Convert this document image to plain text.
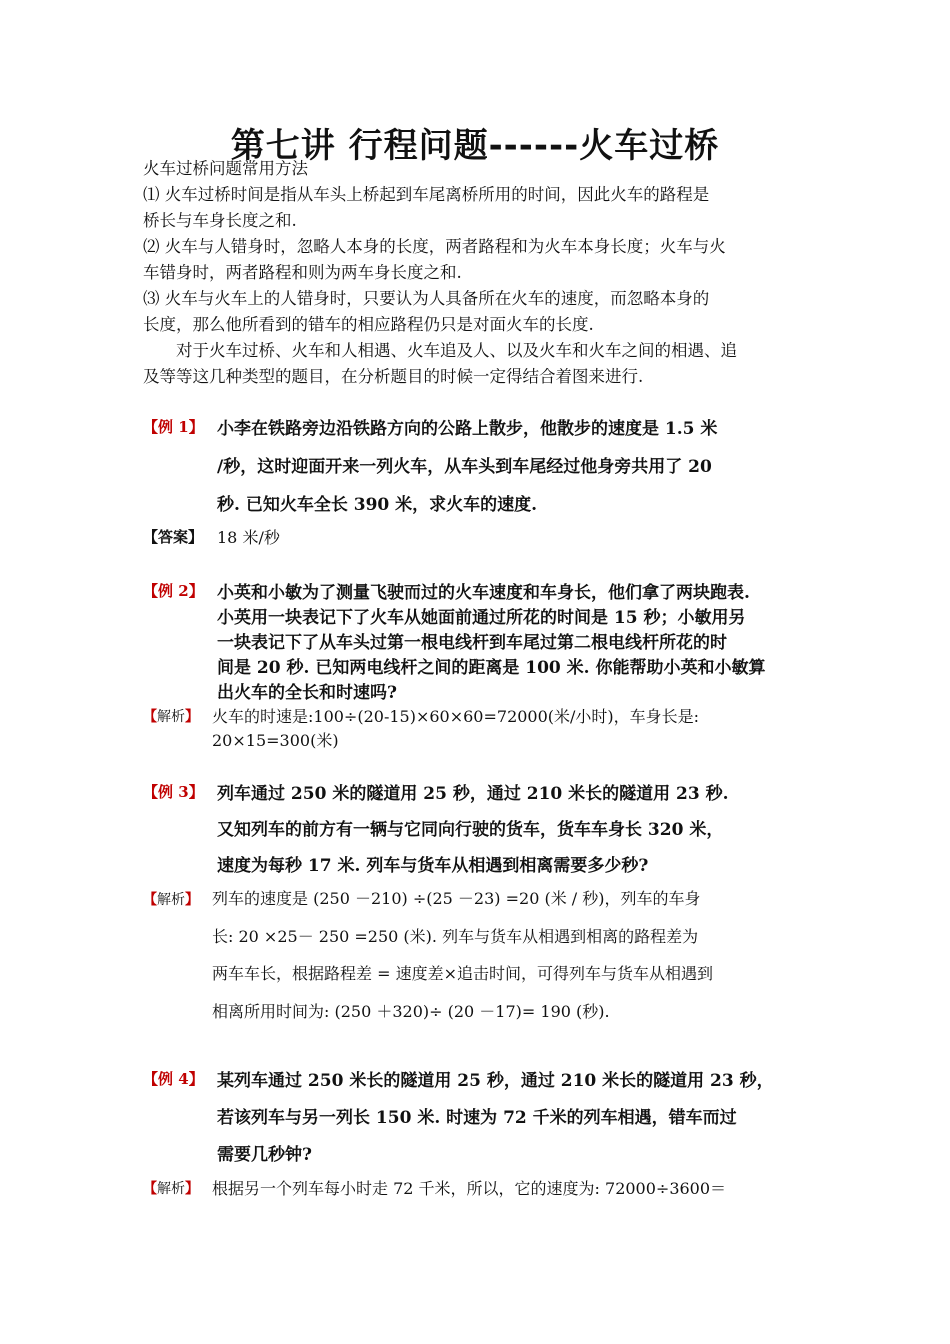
第七讲 行程问题------火车过桥
火车过桥问题常用方法
⑴ 火车过桥时间是指从车头上桥起到车尾离桥所用的时间，因此火车的路程是
桥长与车身长度之和.
⑵ 火车与人错身时，忽略人本身的长度，两者路程和为火车本身长度；火车与火
车错身时，两者路程和则为两车身长度之和.
⑶ 火车与火车上的人错身时，只要认为人具备所在火车的速度，而忽略本身的
长度，那么他所看到的错车的相应路程仍只是对面火车的长度.
对于火车过桥、火车和人相遇、火车追及人、以及火车和火车之间的相遇、追
及等等这几种类型的题目，在分析题目的时候一定得结合着图来进行.
【例 1】 小李在铁路旁边沿铁路方向的公路上散步，他散步的速度是 1.5 米
/秒，这时迎面开来一列火车，从车头到车尾经过他身旁共用了 20
秒. 已知火车全长 390 米，求火车的速度.
【答案】 18 米/秒
【例 2】 小英和小敏为了测量飞驶而过的火车速度和车身长，他们拿了两块跑表.
小英用一块表记下了火车从她面前通过所花的时间是 15 秒；小敏用另
一块表记下了从车头过第一根电线杆到车尾过第二根电线杆所花的时
间是 20 秒. 已知两电线杆之间的距离是 100 米. 你能帮助小英和小敏算
出火车的全长和时速吗?
【解析】 火车的时速是:100÷(20-15)×60×60=72000(米/小时)，车身长是:
20×15=300(米)
【例 3】 列车通过 250 米的隧道用 25 秒，通过 210 米长的隧道用 23 秒.
又知列车的前方有一辆与它同向行驶的货车，货车车身长 320 米，
速度为每秒 17 米. 列车与货车从相遇到相离需要多少秒?
【解析】 列车的速度是 (250 －210) ÷(25 －23) =20 (米 / 秒)，列车的车身
长: 20 ×25－ 250 =250 (米). 列车与货车从相遇到相离的路程差为
两车车长，根据路程差 = 速度差×追击时间，可得列车与货车从相遇到
相离所用时间为: (250 ＋320)÷ (20 －17)= 190 (秒).
【例 4】 某列车通过 250 米长的隧道用 25 秒，通过 210 米长的隧道用 23 秒，
若该列车与另一列长 150 米. 时速为 72 千米的列车相遇，错车而过
需要几秒钟?
【解析】 根据另一个列车每小时走 72 千米，所以，它的速度为: 72000÷3600＝
